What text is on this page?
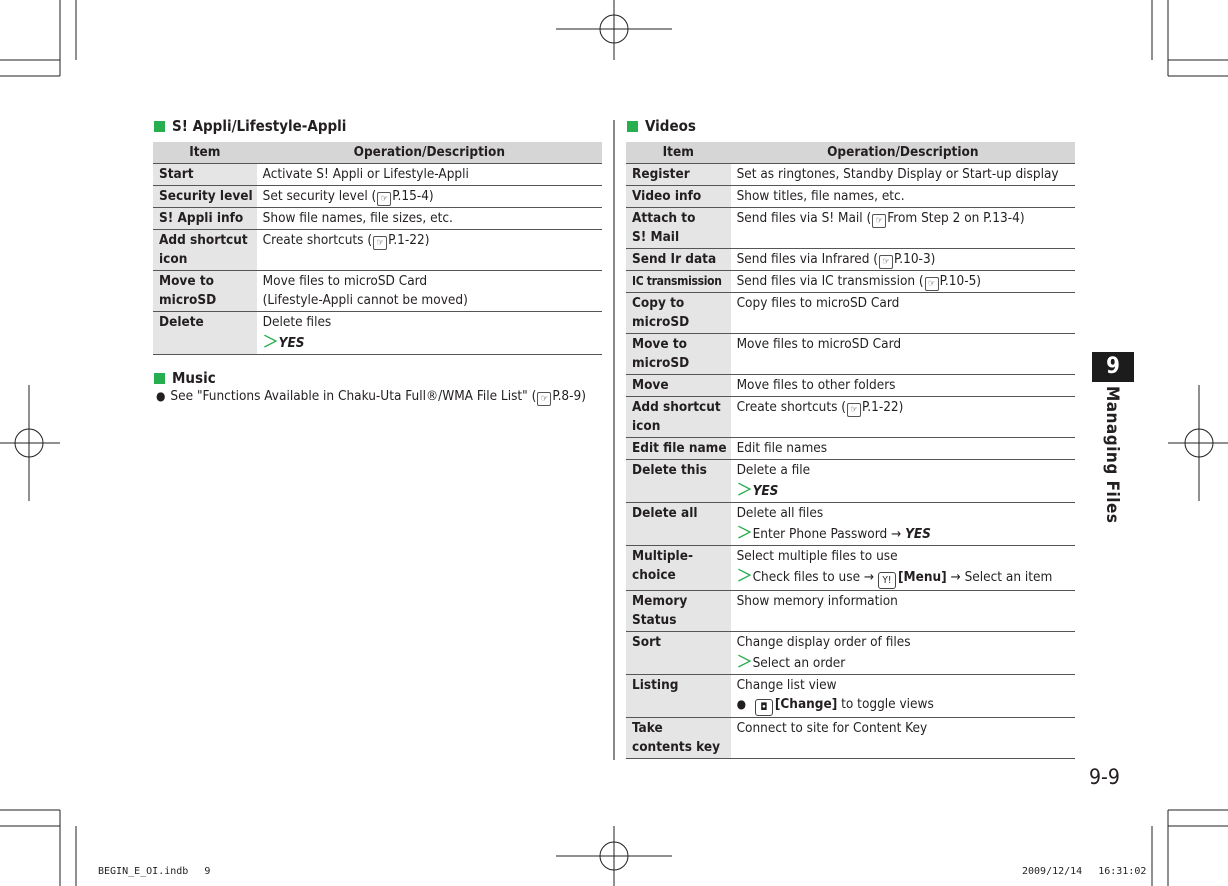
S! Appli/Lifestyle-Appli
Item	Operation/Description
Start	Activate S! Appli or Lifestyle-Appli
Security level	Set security level ( ☞ P.15-4)
S! Appli info	Show file names, file sizes, etc.
Add shortcut icon	Create shortcuts ( ☞ P.1-22)
Move to microSD	Move files to microSD Card
(Lifestyle-Appli cannot be moved)

Delete	Delete files
＞YES
Music
● See "Functions Available in Chaku-Uta Full®/WMA File List" ( ☞ P.8-9)
Videos
Item	Operation/Description
Register	Set as ringtones, Standby Display or Start-up display
Video info	Show titles, file names, etc.

Attach to
S! Mail	Send files via S! Mail ( ☞ From Step 2 on P.13-4)
Send Ir data	Send files via Infrared ( ☞ P.10-3)
IC transmission	Send files via IC transmission ( ☞ P.10-5)
Copy to microSD	Copy files to microSD Card
Move to microSD	Move files to microSD Card
Move	Move files to other folders
Add shortcut icon	Create shortcuts ( ☞ P.1-22)
Edit file name	Edit file names
Delete this	Delete a file
＞YES

Delete all	Delete all files
＞Enter Phone Password → YES

Multiple-choice	Select multiple files to use
＞Check files to use → Y! [Menu] → Select an item

Memory Status	Show memory information
Sort	Change display order of files
＞Select an order

Listing	Change list view
● ◘ [Change] to toggle views

Take contents key	Connect to site for Content Key
9
Managing Files
9-9
BEGIN_E_OI.indb　 9	2009/12/14　 16:31:02
